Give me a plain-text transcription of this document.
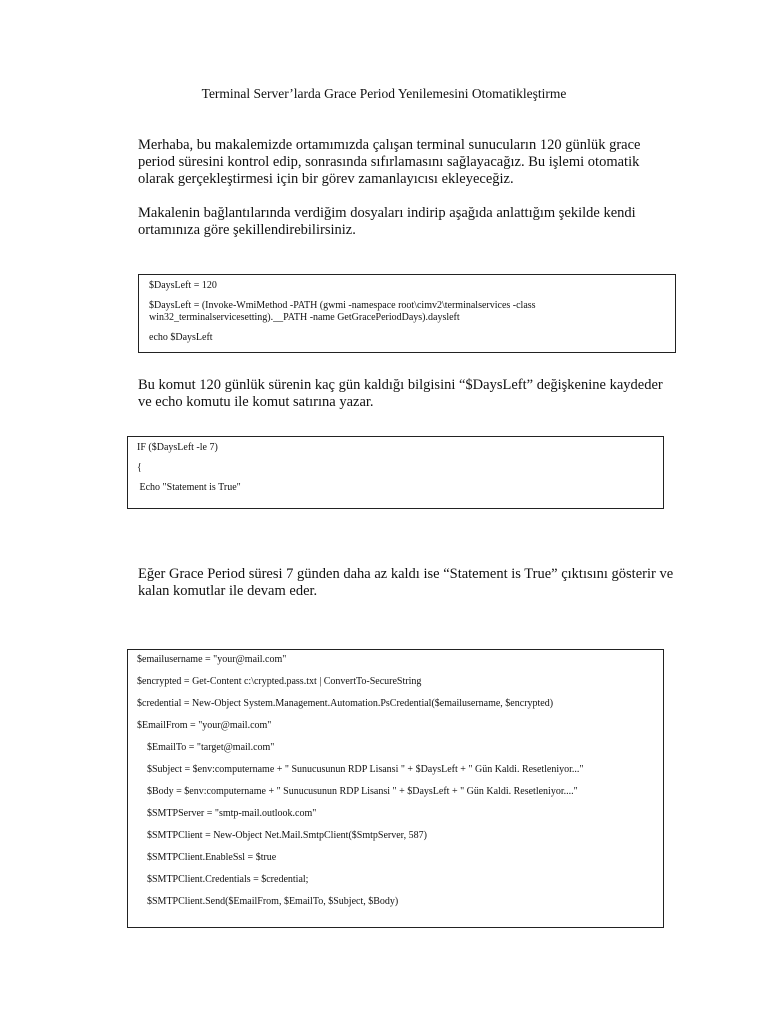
Terminal Server’larda Grace Period Yenilemesini Otomatikleştirme
Merhaba, bu makalemizde ortamımızda çalışan terminal sunucuların 120 günlük grace period süresini kontrol edip, sonrasında sıfırlamasını sağlayacağız. Bu işlemi otomatik olarak gerçekleştirmesi için bir görev zamanlayıcısı ekleyeceğiz.
Makalenin bağlantılarında verdiğim dosyaları indirip aşağıda anlattığım şekilde kendi ortamınıza göre şekillendirebilirsiniz.
$DaysLeft = 120
$DaysLeft = (Invoke-WmiMethod -PATH (gwmi -namespace root\cimv2\terminalservices -class win32_terminalservicesetting).__PATH -name GetGracePeriodDays).daysleft
echo $DaysLeft
Bu komut 120 günlük sürenin kaç gün kaldığı bilgisini “$DaysLeft” değişkenine kaydeder ve echo komutu ile komut satırına yazar.
IF ($DaysLeft -le 7)
{
Echo "Statement is True"
Eğer Grace Period süresi 7 günden daha az kaldı ise “Statement is True” çıktısını gösterir ve kalan komutlar ile devam eder.
$emailusername = "your@mail.com"
$encrypted = Get-Content c:\crypted.pass.txt | ConvertTo-SecureString
$credential = New-Object System.Management.Automation.PsCredential($emailusername, $encrypted)
$EmailFrom = "your@mail.com"
$EmailTo = "target@mail.com"
$Subject = $env:computername + " Sunucusunun RDP Lisansi " + $DaysLeft + " Gün Kaldi. Resetleniyor..."
$Body = $env:computername + " Sunucusunun RDP Lisansi " + $DaysLeft + " Gün Kaldi. Resetleniyor...."
$SMTPServer = "smtp-mail.outlook.com"
$SMTPClient = New-Object Net.Mail.SmtpClient($SmtpServer, 587)
$SMTPClient.EnableSsl = $true
$SMTPClient.Credentials = $credential;
$SMTPClient.Send($EmailFrom, $EmailTo, $Subject, $Body)
